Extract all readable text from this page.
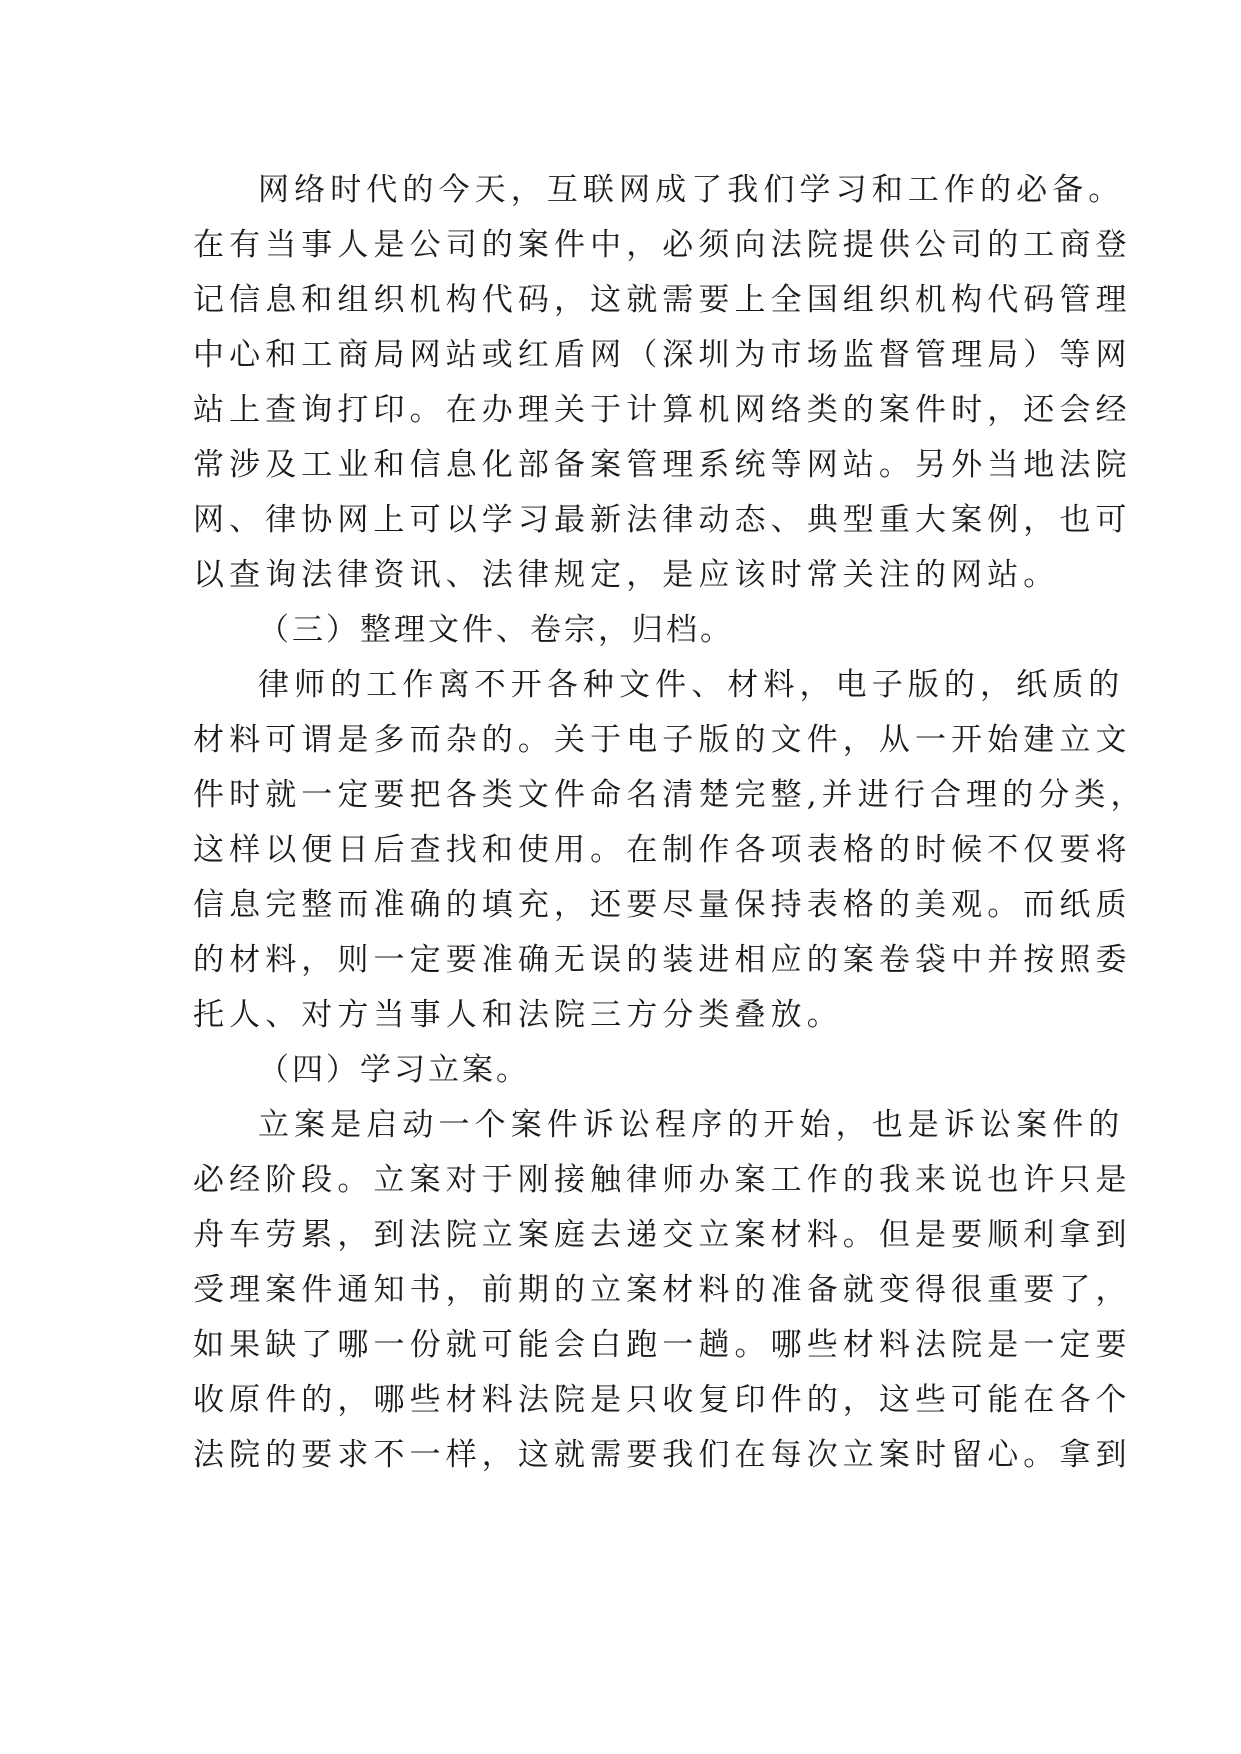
网络时代的今天，互联网成了我们学习和工作的必备。
在有当事人是公司的案件中，必须向法院提供公司的工商登
记信息和组织机构代码，这就需要上全国组织机构代码管理
中心和工商局网站或红盾网（深圳为市场监督管理局）等网
站上查询打印。在办理关于计算机网络类的案件时，还会经
常涉及工业和信息化部备案管理系统等网站。另外当地法院
网、律协网上可以学习最新法律动态、典型重大案例，也可
以查询法律资讯、法律规定，是应该时常关注的网站。
（三）整理文件、卷宗，归档。
律师的工作离不开各种文件、材料，电子版的，纸质的
材料可谓是多而杂的。关于电子版的文件，从一开始建立文
件时就一定要把各类文件命名清楚完整,并进行合理的分类，
这样以便日后查找和使用。在制作各项表格的时候不仅要将
信息完整而准确的填充，还要尽量保持表格的美观。而纸质
的材料，则一定要准确无误的装进相应的案卷袋中并按照委
托人、对方当事人和法院三方分类叠放。
（四）学习立案。
立案是启动一个案件诉讼程序的开始，也是诉讼案件的
必经阶段。立案对于刚接触律师办案工作的我来说也许只是
舟车劳累，到法院立案庭去递交立案材料。但是要顺利拿到
受理案件通知书，前期的立案材料的准备就变得很重要了，
如果缺了哪一份就可能会白跑一趟。哪些材料法院是一定要
收原件的，哪些材料法院是只收复印件的，这些可能在各个
法院的要求不一样，这就需要我们在每次立案时留心。拿到
